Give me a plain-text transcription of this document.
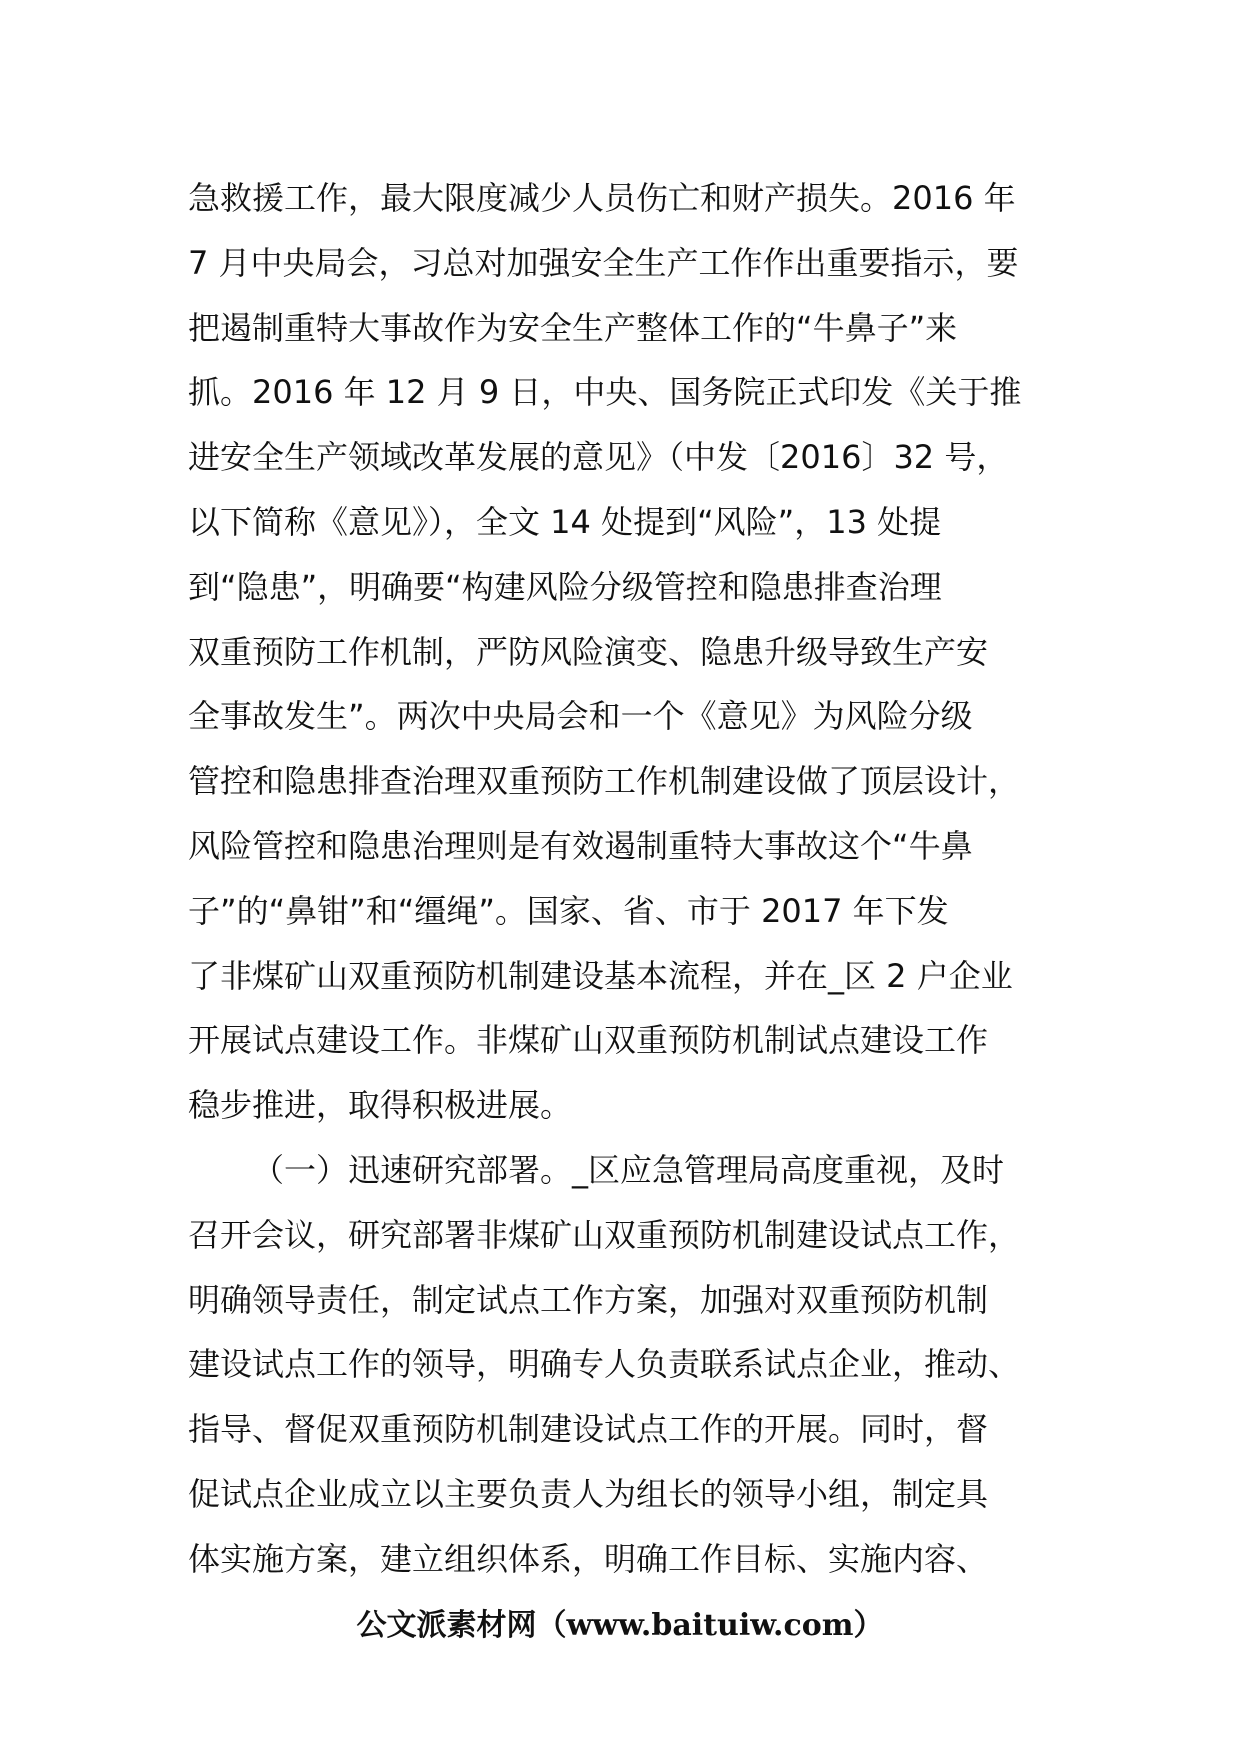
急救援工作，最大限度减少人员伤亡和财产损失。2016 年
7 月中央局会，习总对加强安全生产工作作出重要指示，要
把遏制重特大事故作为安全生产整体工作的“牛鼻子”来
抓。2016 年 12 月 9 日，中央、国务院正式印发《关于推
进安全生产领域改革发展的意见》（中发〔2016〕32 号，
以下简称《意见》），全文 14 处提到“风险”，13 处提
到“隐患”，明确要“构建风险分级管控和隐患排查治理
双重预防工作机制，严防风险演变、隐患升级导致生产安
全事故发生”。两次中央局会和一个《意见》为风险分级
管控和隐患排查治理双重预防工作机制建设做了顶层设计，
风险管控和隐患治理则是有效遏制重特大事故这个“牛鼻
子”的“鼻钳”和“缰绳”。国家、省、市于 2017 年下发
了非煤矿山双重预防机制建设基本流程，并在_区 2 户企业
开展试点建设工作。非煤矿山双重预防机制试点建设工作
稳步推进，取得积极进展。
（一）迅速研究部署。_区应急管理局高度重视，及时
召开会议，研究部署非煤矿山双重预防机制建设试点工作，
明确领导责任，制定试点工作方案，加强对双重预防机制
建设试点工作的领导，明确专人负责联系试点企业，推动、
指导、督促双重预防机制建设试点工作的开展。同时，督
促试点企业成立以主要负责人为组长的领导小组，制定具
体实施方案，建立组织体系，明确工作目标、实施内容、
公文派素材网（www.baituiw.com）
